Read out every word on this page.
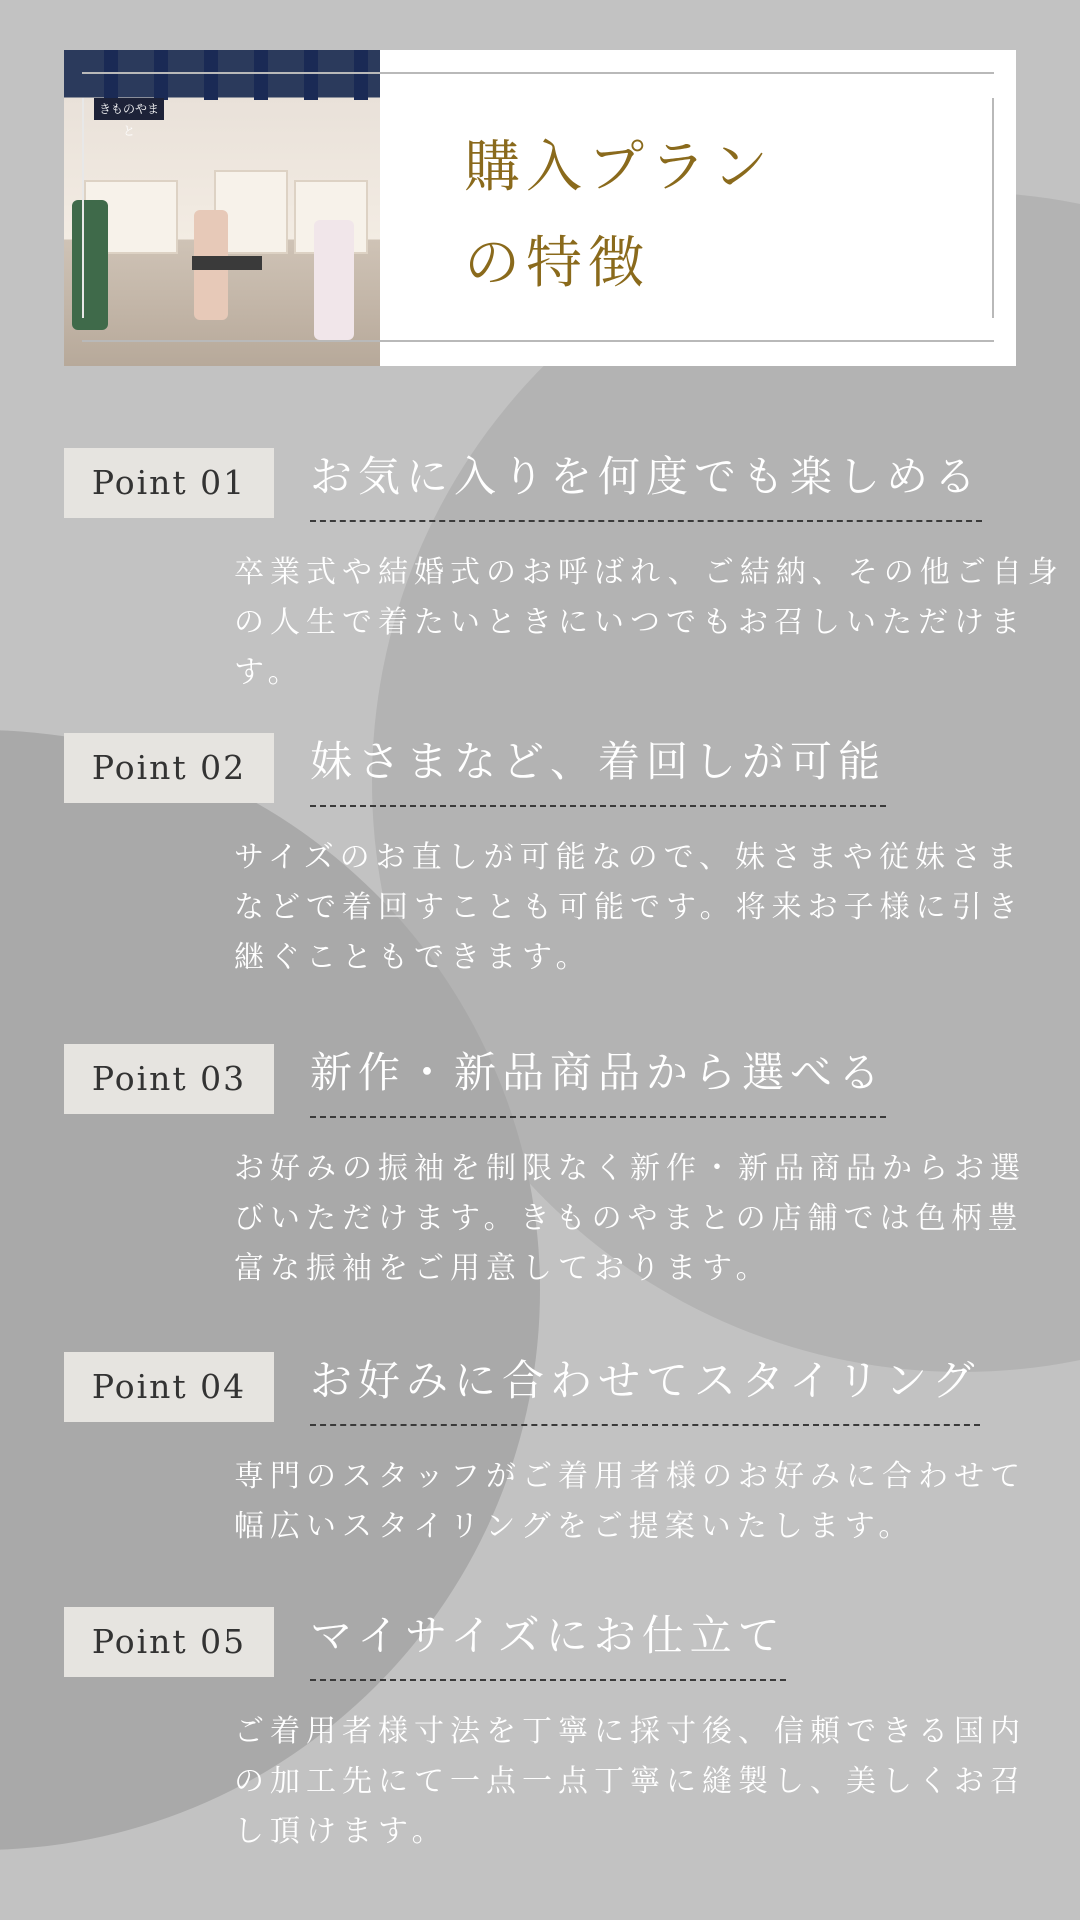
きものやまと
購入プラン
の特徴
Point 01	お気に入りを何度でも楽しめる
卒業式や結婚式のお呼ばれ、ご結納、その他ご自身の人生で着たいときにいつでもお召しいただけます。
Point 02	妹さまなど、着回しが可能
サイズのお直しが可能なので、妹さまや従妹さまなどで着回すことも可能です。将来お子様に引き継ぐこともできます。
Point 03	新作・新品商品から選べる
お好みの振袖を制限なく新作・新品商品からお選びいただけます。きものやまとの店舗では色柄豊富な振袖をご用意しております。
Point 04	お好みに合わせてスタイリング
専門のスタッフがご着用者様のお好みに合わせて幅広いスタイリングをご提案いたします。
Point 05	マイサイズにお仕立て
ご着用者様寸法を丁寧に採寸後、信頼できる国内の加工先にて一点一点丁寧に縫製し、美しくお召し頂けます。
